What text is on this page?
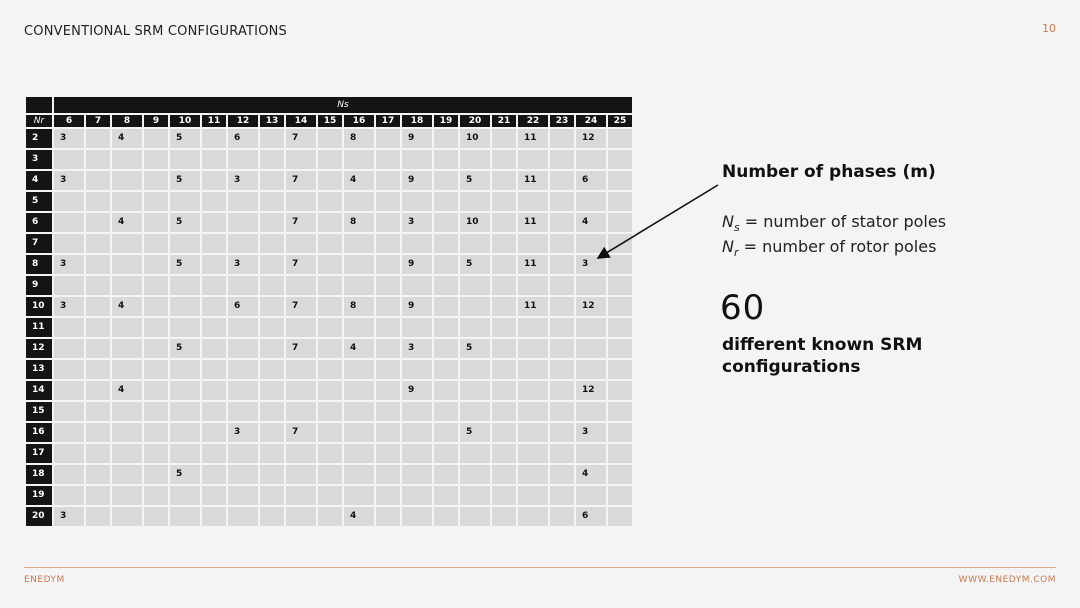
CONVENTIONAL SRM CONFIGURATIONS	10
	Ns																			
Nr	6	7	8	9	10	11	12	13	14	15	16	17	18	19	20	21	22	23	24	25
2	3		4		5		6		7		8		9		10		11		12	
3																				
4	3				5		3		7		4		9		5		11		6	
5																				
6			4		5				7		8		3		10		11		4	
7																				
8	3				5		3		7				9		5		11		3	
9																				
10	3		4				6		7		8		9				11		12	
11																				
12					5				7		4		3		5					
13																				
14			4										9						12	
15																				
16							3		7						5				3	
17																				
18					5														4	
19																				
20	3										4								6	
Number of phases (m)
$N_s$ = number of stator poles
$N_r$ = number of rotor poles
60
different known SRM configurations
ENEDYM	WWW.ENEDYM.COM
